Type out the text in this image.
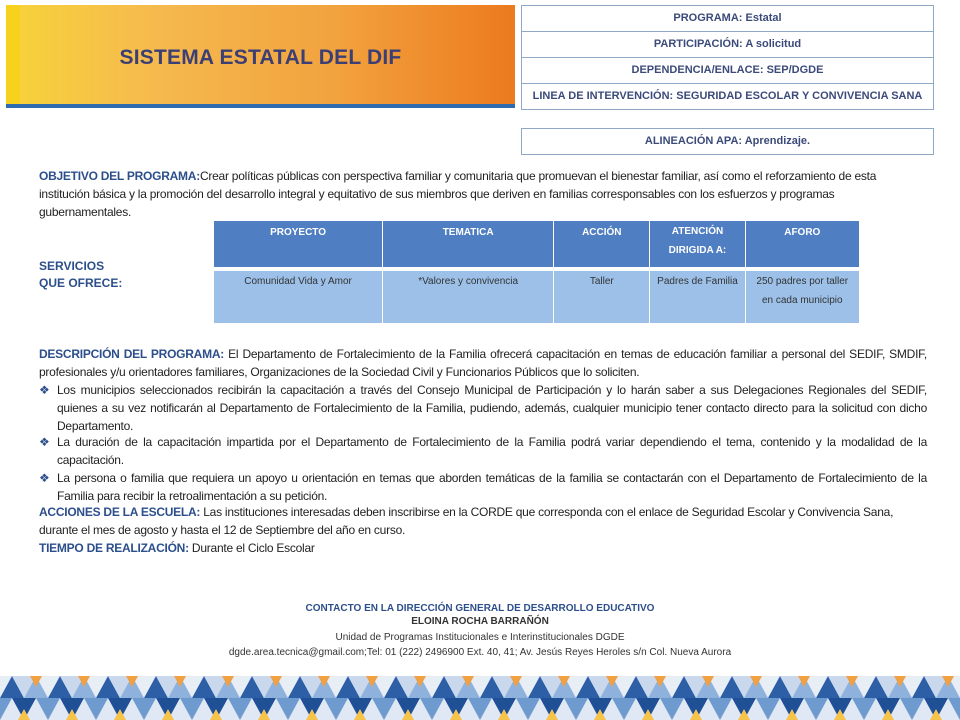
SISTEMA ESTATAL DEL DIF
PROGRAMA: Estatal
PARTICIPACIÓN: A solicitud
DEPENDENCIA/ENLACE: SEP/DGDE
LINEA DE INTERVENCIÓN: SEGURIDAD ESCOLAR Y CONVIVENCIA SANA
ALINEACIÓN APA: Aprendizaje.
OBJETIVO DEL PROGRAMA:Crear políticas públicas con perspectiva familiar y comunitaria que promuevan el bienestar familiar, así como el reforzamiento de esta institución básica y la promoción del desarrollo integral y equitativo de sus miembros que deriven en familias corresponsables con los esfuerzos y programas gubernamentales.
SERVICIOS
QUE OFRECE:
PROYECTO	TEMATICA	ACCIÓN	ATENCIÓN DIRIGIDA A:	AFORO

Comunidad Vida y Amor	*Valores y convivencia	Taller	Padres de Familia	250 padres por taller en cada municipio
DESCRIPCIÓN DEL PROGRAMA: El Departamento de Fortalecimiento de la Familia ofrecerá capacitación en temas de educación familiar a personal del SEDIF, SMDIF, profesionales y/u orientadores familiares, Organizaciones de la Sociedad Civil y Funcionarios Públicos que lo soliciten.
❖ Los municipios seleccionados recibirán la capacitación a través del Consejo Municipal de Participación y lo harán saber a sus Delegaciones Regionales del SEDIF, quienes a su vez notificarán al Departamento de Fortalecimiento de la Familia, pudiendo, además, cualquier municipio tener contacto directo para la solicitud con dicho Departamento.
❖ La duración de la capacitación impartida por el Departamento de Fortalecimiento de la Familia podrá variar dependiendo el tema, contenido y la modalidad de la capacitación.
❖ La persona o familia que requiera un apoyo u orientación en temas que aborden temáticas de la familia se contactarán con el Departamento de Fortalecimiento de la Familia para recibir la retroalimentación a su petición.
ACCIONES DE LA ESCUELA: Las instituciones interesadas deben inscribirse en la CORDE que corresponda con el enlace de Seguridad Escolar y Convivencia Sana, durante el mes de agosto y hasta el 12 de Septiembre del año en curso.
TIEMPO DE REALIZACIÓN: Durante el Ciclo Escolar
CONTACTO EN LA DIRECCIÓN GENERAL DE DESARROLLO EDUCATIVO
ELOINA ROCHA BARRAÑÓN
Unidad de Programas Institucionales e Interinstitucionales DGDE
dgde.area.tecnica@gmail.com;Tel: 01 (222) 2496900 Ext. 40, 41; Av. Jesús Reyes Heroles s/n Col. Nueva Aurora
